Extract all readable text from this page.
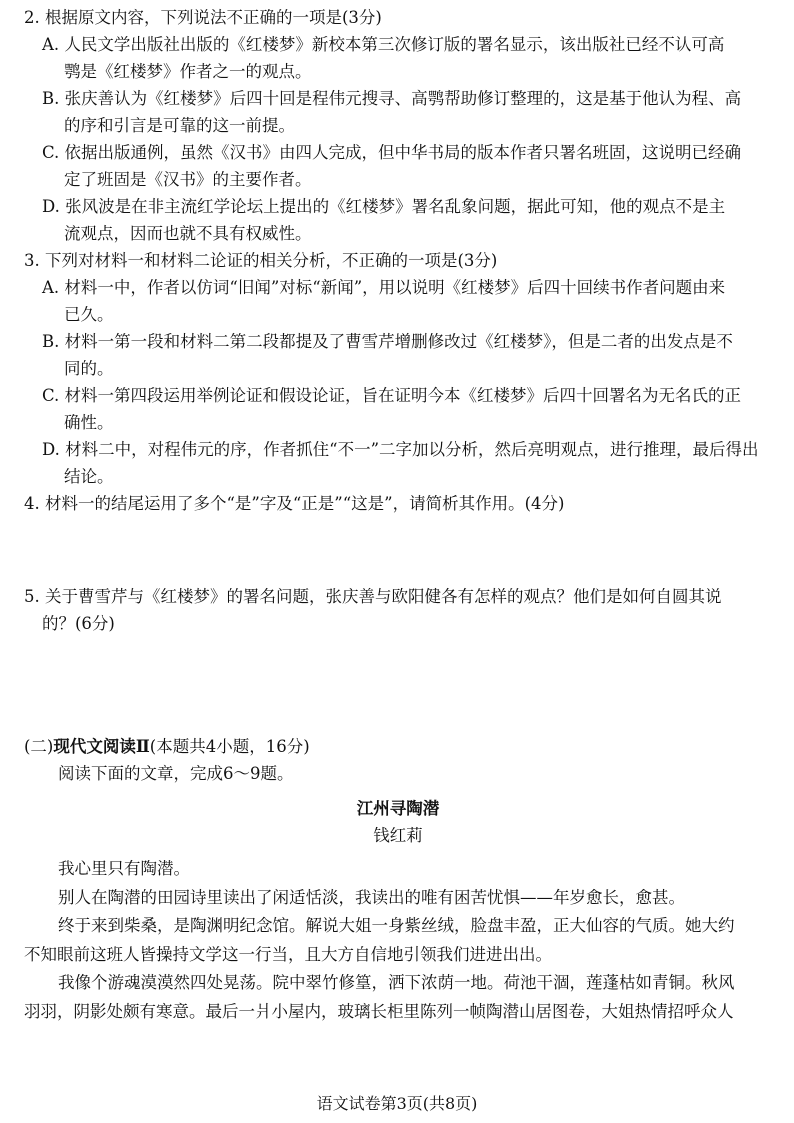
2. 根据原文内容，下列说法不正确的一项是(3分)
A. 人民文学出版社出版的《红楼梦》新校本第三次修订版的署名显示，该出版社已经不认可高
鹗是《红楼梦》作者之一的观点。
B. 张庆善认为《红楼梦》后四十回是程伟元搜寻、高鹗帮助修订整理的，这是基于他认为程、高
的序和引言是可靠的这一前提。
C. 依据出版通例，虽然《汉书》由四人完成，但中华书局的版本作者只署名班固，这说明已经确
定了班固是《汉书》的主要作者。
D. 张风波是在非主流红学论坛上提出的《红楼梦》署名乱象问题，据此可知，他的观点不是主
流观点，因而也就不具有权威性。
3. 下列对材料一和材料二论证的相关分析，不正确的一项是(3分)
A. 材料一中，作者以仿词“旧闻”对标“新闻”，用以说明《红楼梦》后四十回续书作者问题由来
已久。
B. 材料一第一段和材料二第二段都提及了曹雪芹增删修改过《红楼梦》，但是二者的出发点是不
同的。
C. 材料一第四段运用举例论证和假设论证，旨在证明今本《红楼梦》后四十回署名为无名氏的正
确性。
D. 材料二中，对程伟元的序，作者抓住“不一”二字加以分析，然后亮明观点，进行推理，最后得出
结论。
4. 材料一的结尾运用了多个“是”字及“正是”“这是”，请简析其作用。(4分)
5. 关于曹雪芹与《红楼梦》的署名问题，张庆善与欧阳健各有怎样的观点？他们是如何自圆其说
的？(6分)
(二)现代文阅读Ⅱ(本题共4小题，16分)
阅读下面的文章，完成6～9题。
江州寻陶潜
钱红莉
我心里只有陶潜。
别人在陶潜的田园诗里读出了闲适恬淡，我读出的唯有困苦忧惧——年岁愈长，愈甚。
终于来到柴桑，是陶渊明纪念馆。解说大姐一身紫丝绒，脸盘丰盈，正大仙容的气质。她大约
不知眼前这班人皆操持文学这一行当，且大方自信地引领我们进进出出。
我像个游魂漠漠然四处晃荡。院中翠竹修篁，洒下浓荫一地。荷池干涸，莲蓬枯如青铜。秋风
羽羽，阴影处颇有寒意。最后一爿小屋内，玻璃长柜里陈列一帧陶潜山居图卷，大姐热情招呼众人
语文试卷第3页(共8页)
